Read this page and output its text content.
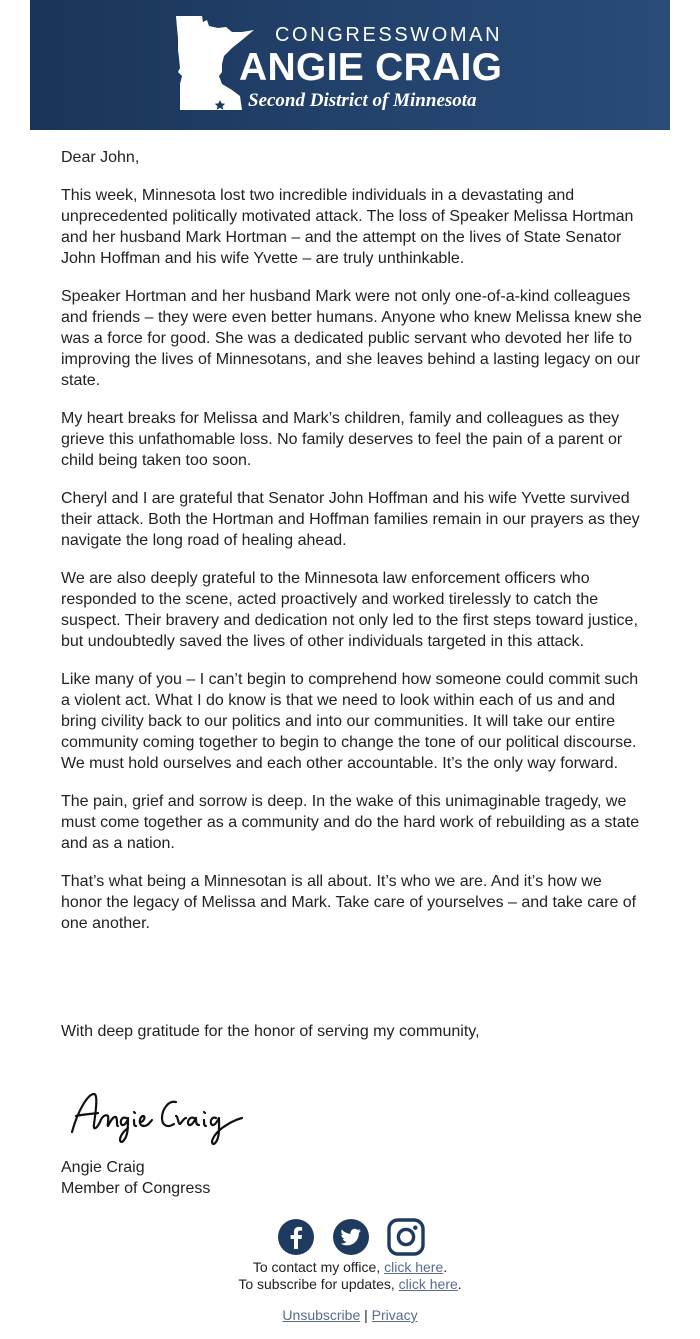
CONGRESSWOMAN
ANGIE CRAIG
Second District of Minnesota

Dear John,

This week, Minnesota lost two incredible individuals in a devastating and unprecedented politically motivated attack. The loss of Speaker Melissa Hortman and her husband Mark Hortman – and the attempt on the lives of State Senator John Hoffman and his wife Yvette – are truly unthinkable.

Speaker Hortman and her husband Mark were not only one-of-a-kind colleagues and friends – they were even better humans. Anyone who knew Melissa knew she was a force for good. She was a dedicated public servant who devoted her life to improving the lives of Minnesotans, and she leaves behind a lasting legacy on our state.

My heart breaks for Melissa and Mark’s children, family and colleagues as they grieve this unfathomable loss. No family deserves to feel the pain of a parent or child being taken too soon.

Cheryl and I are grateful that Senator John Hoffman and his wife Yvette survived their attack. Both the Hortman and Hoffman families remain in our prayers as they navigate the long road of healing ahead.

We are also deeply grateful to the Minnesota law enforcement officers who responded to the scene, acted proactively and worked tirelessly to catch the suspect. Their bravery and dedication not only led to the first steps toward justice, but undoubtedly saved the lives of other individuals targeted in this attack.

Like many of you – I can’t begin to comprehend how someone could commit such a violent act. What I do know is that we need to look within each of us and and bring civility back to our politics and into our communities. It will take our entire community coming together to begin to change the tone of our political discourse. We must hold ourselves and each other accountable. It’s the only way forward.

The pain, grief and sorrow is deep. In the wake of this unimaginable tragedy, we must come together as a community and do the hard work of rebuilding as a state and as a nation.

That’s what being a Minnesotan is all about. It’s who we are. And it’s how we honor the legacy of Melissa and Mark. Take care of yourselves – and take care of one another.

With deep gratitude for the honor of serving my community,
Angie Craig
Member of Congress
To contact my office, click here.
To subscribe for updates, click here.
Unsubscribe | Privacy
